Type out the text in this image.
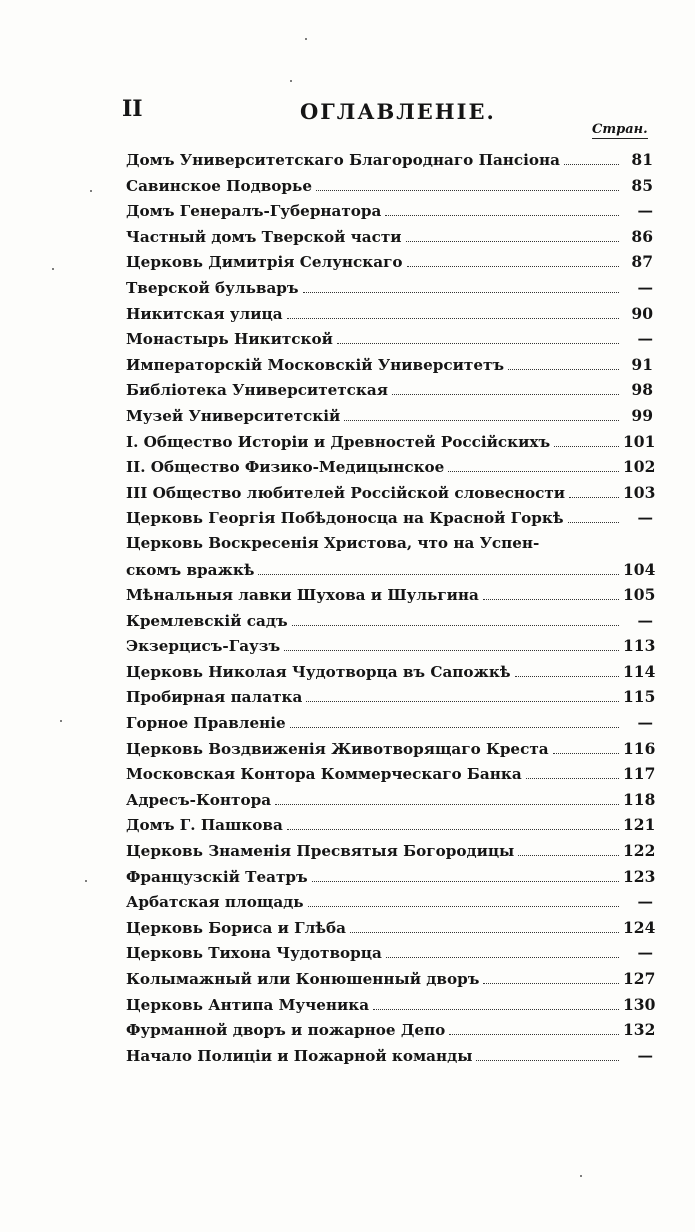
II	ОГЛАВЛЕНІЕ.
Стран.
Домъ Университетскаго Благороднаго Пансіона	81
Савинское Подворье	85
Домъ Генералъ-Губернатора	—
Частный домъ Тверской части	86
Церковь Димитрія Селунскаго	87
Тверской бульваръ	—
Никитская улица	90
Монастырь Никитской	—
Императорскій Московскій Университетъ	91
Библіотека Университетская	98
Музей Университетскій	99
I. Общество Исторіи и Древностей Россійскихъ	101
II. Общество Физико-Медицынское	102
III Общество любителей Россійской словесности	103
Церковь Георгія Побѣдоносца на Красной Горкѣ	—
Церковь Воскресенія Христова, что на Успен-
скомъ вражкѣ	104
Мѣнальныя лавки Шухова и Шульгина	105
Кремлевскій садъ	—
Экзерцисъ-Гаузъ	113
Церковь Николая Чудотворца въ Сапожкѣ	114
Пробирная палатка	115
Горное Правленіе	—
Церковь Воздвиженія Животворящаго Креста	116
Московская Контора Коммерческаго Банка	117
Адресъ-Контора	118
Домъ Г. Пашкова	121
Церковь Знаменія Пресвятыя Богородицы	122
Французскій Театръ	123
Арбатская площадь	—
Церковь Бориса и Глѣба	124
Церковь Тихона Чудотворца	—
Колымажный или Конюшенный дворъ	127
Церковь Антипа Мученика	130
Фурманной дворъ и пожарное Депо	132
Начало Полиціи и Пожарной команды	—
